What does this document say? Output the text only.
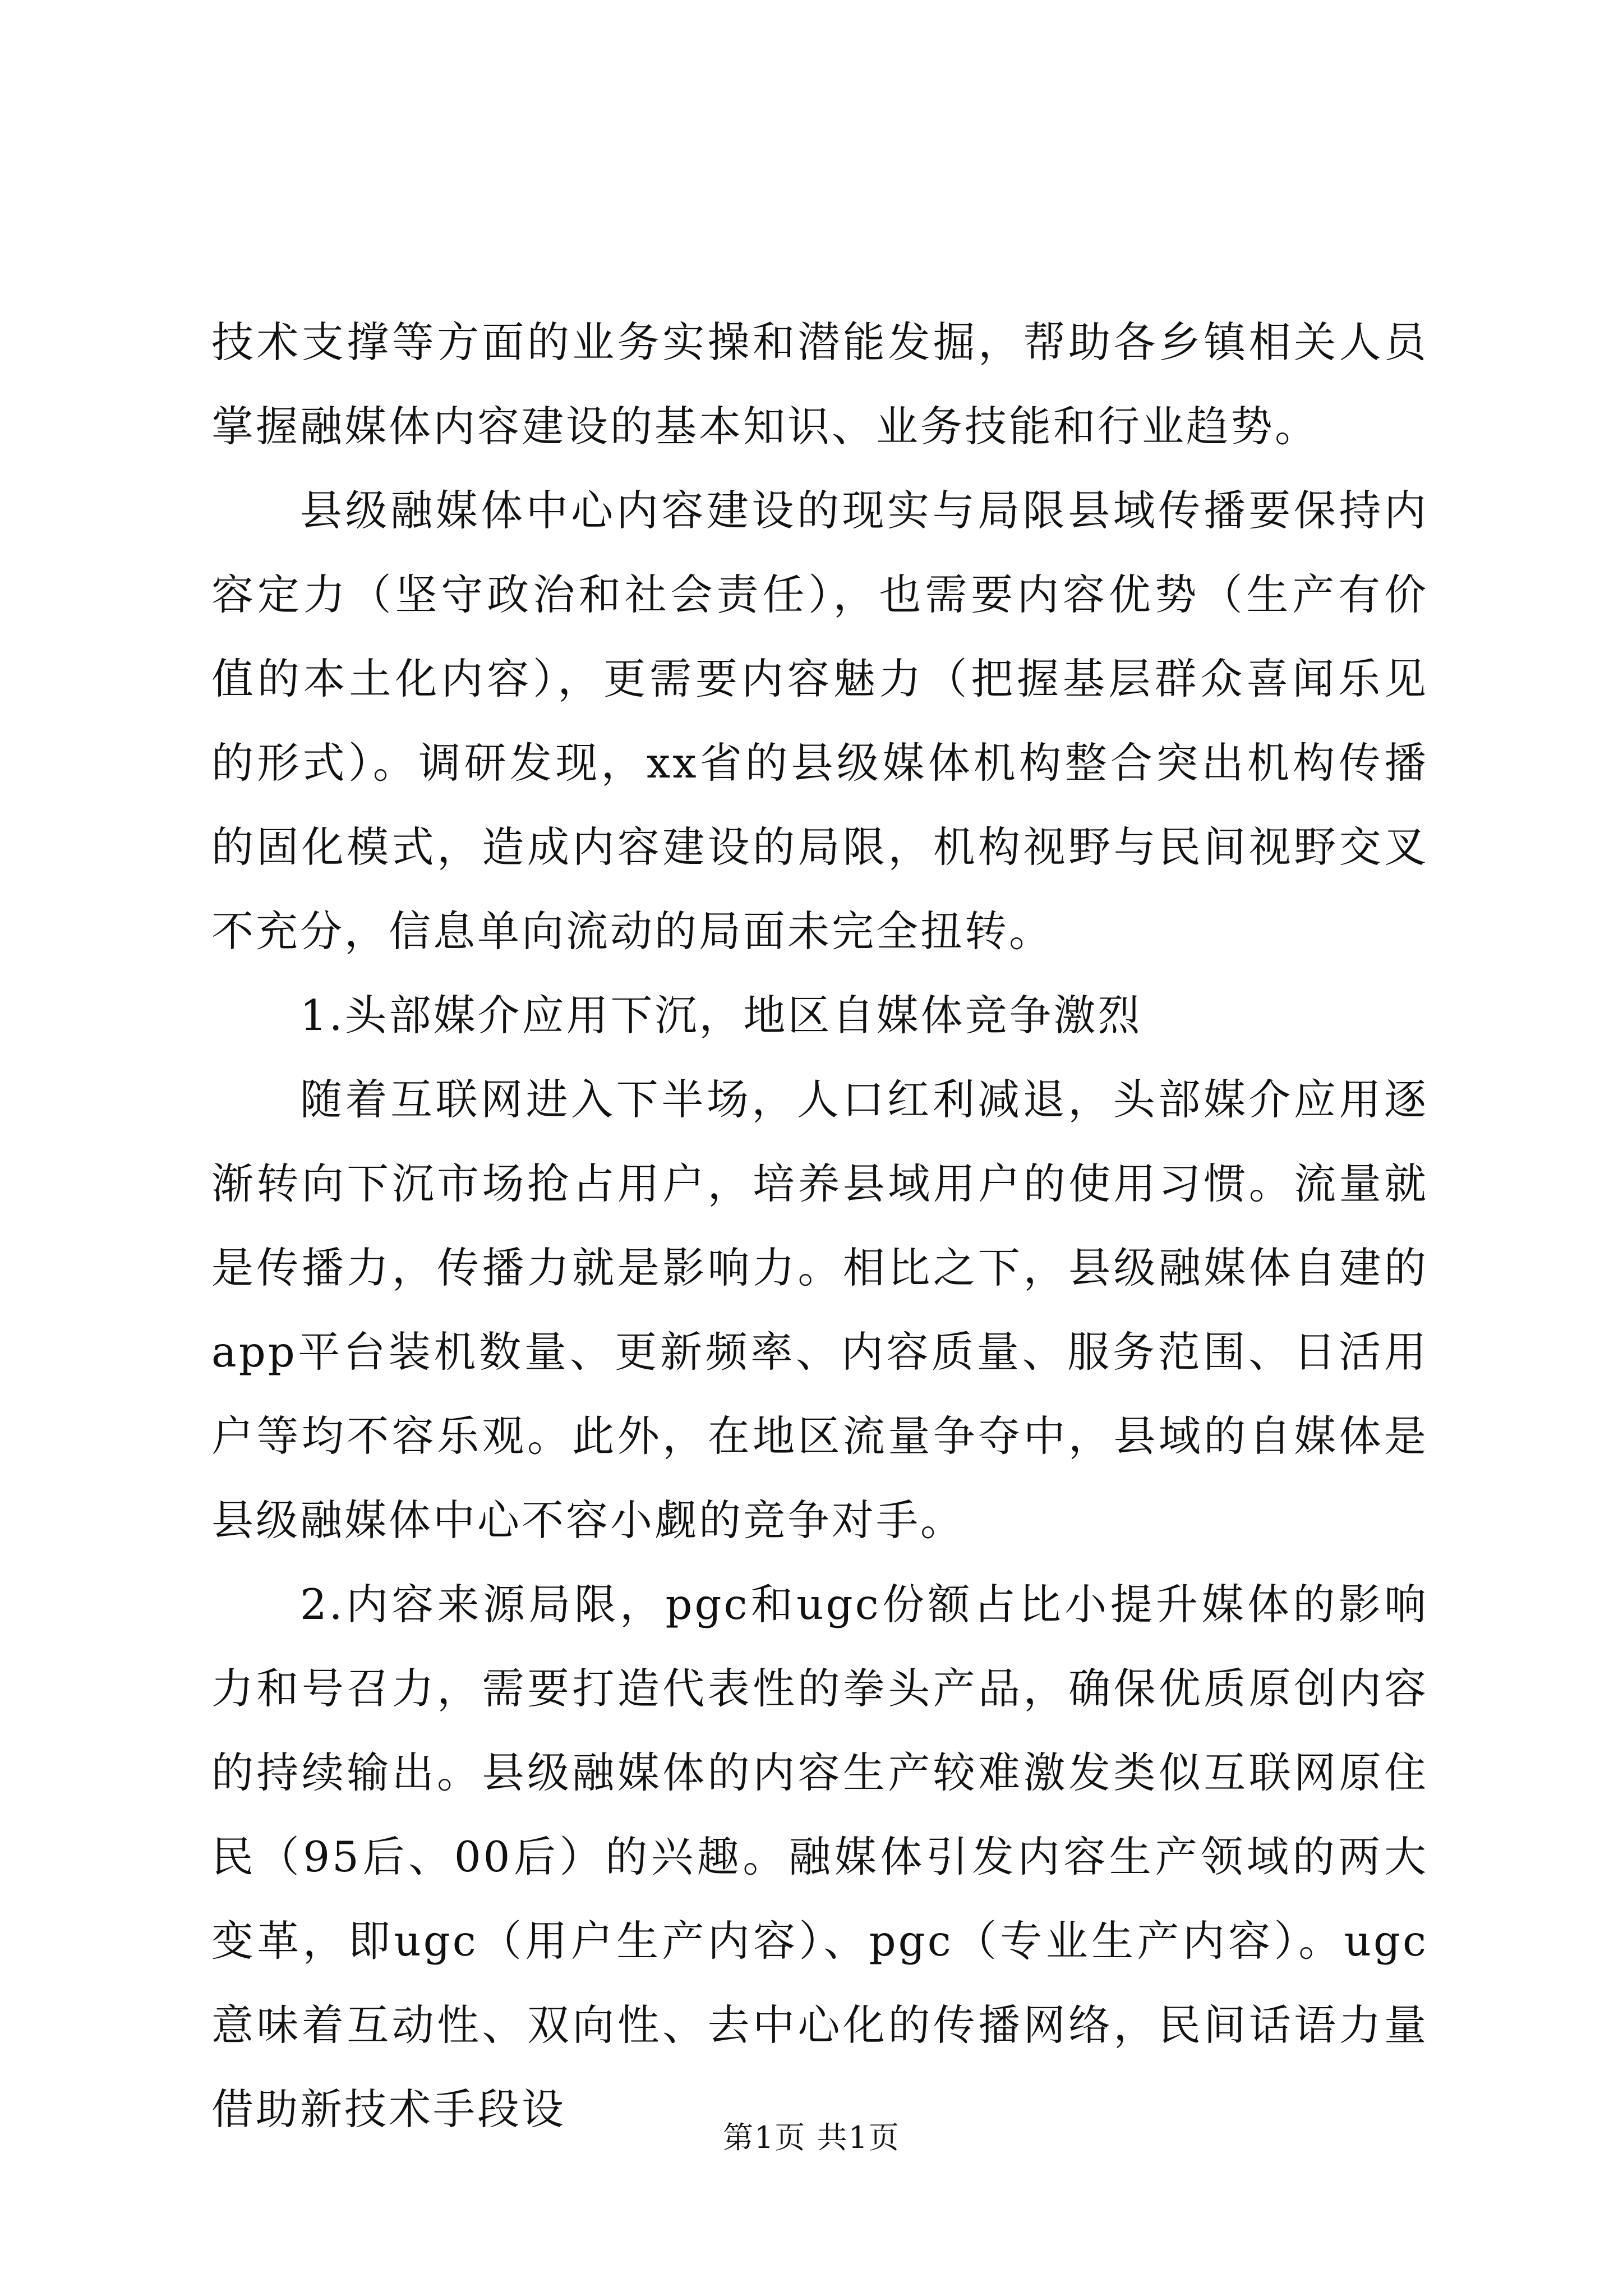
技术支撑等方面的业务实操和潜能发掘，帮助各乡镇相关人员掌握融媒体内容建设的基本知识、业务技能和行业趋势。

县级融媒体中心内容建设的现实与局限县域传播要保持内容定力（坚守政治和社会责任），也需要内容优势（生产有价值的本土化内容），更需要内容魅力（把握基层群众喜闻乐见的形式）。调研发现，xx省的县级媒体机构整合突出机构传播的固化模式，造成内容建设的局限，机构视野与民间视野交叉不充分，信息单向流动的局面未完全扭转。

1.头部媒介应用下沉，地区自媒体竞争激烈

随着互联网进入下半场，人口红利减退，头部媒介应用逐渐转向下沉市场抢占用户，培养县域用户的使用习惯。流量就是传播力，传播力就是影响力。相比之下，县级融媒体自建的app平台装机数量、更新频率、内容质量、服务范围、日活用户等均不容乐观。此外，在地区流量争夺中，县域的自媒体是县级融媒体中心不容小觑的竞争对手。

2.内容来源局限，pgc和ugc份额占比小提升媒体的影响力和号召力，需要打造代表性的拳头产品，确保优质原创内容的持续输出。县级融媒体的内容生产较难激发类似互联网原住民（95后、00后）的兴趣。融媒体引发内容生产领域的两大变革，即ugc（用户生产内容）、pgc（专业生产内容）。ugc意味着互动性、双向性、去中心化的传播网络，民间话语力量借助新技术手段设

第1页 共1页
